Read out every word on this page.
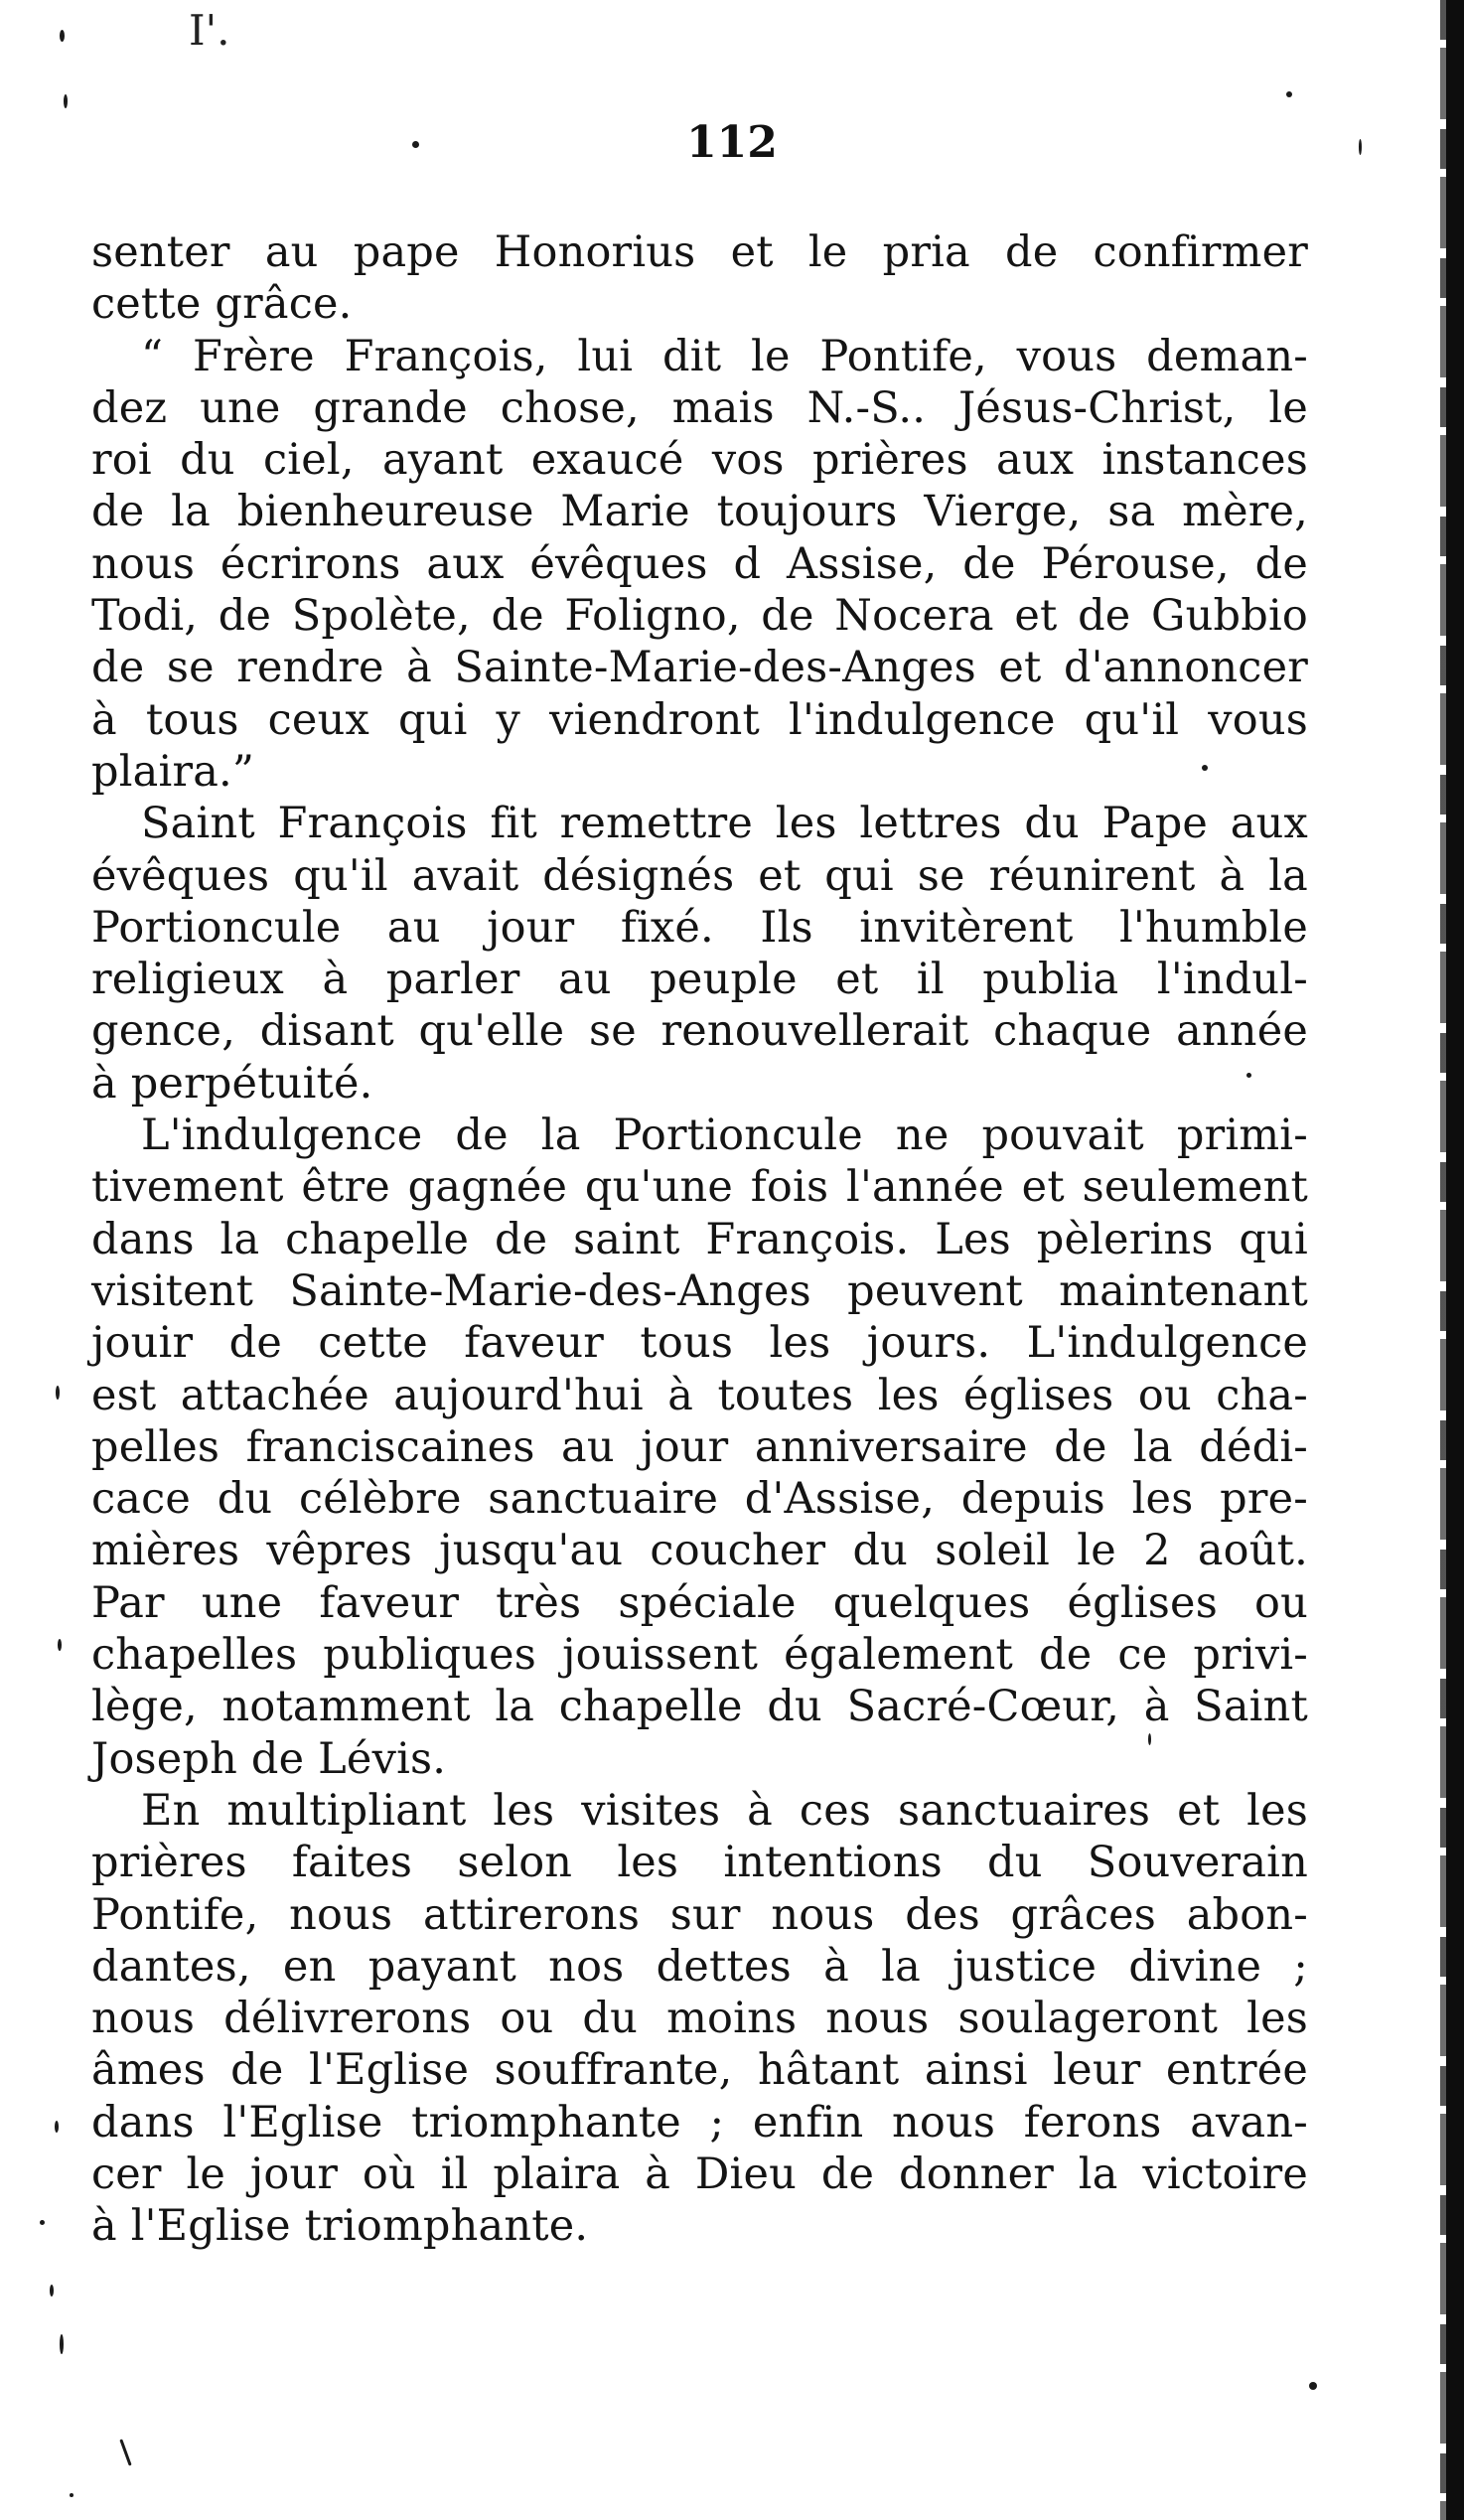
I'.
112
senter au pape Honorius et le pria de confirmer
cette grâce.
“ Frère François, lui dit le Pontife, vous deman-
dez une grande chose, mais N.-S.. Jésus-Christ, le
roi du ciel, ayant exaucé vos prières aux instances
de la bienheureuse Marie toujours Vierge, sa mère,
nous écrirons aux évêques d Assise, de Pérouse, de
Todi, de Spolète, de Foligno, de Nocera et de Gubbio
de se rendre à Sainte-Marie-des-Anges et d'annoncer
à tous ceux qui y viendront l'indulgence qu'il vous
plaira.”
Saint François fit remettre les lettres du Pape aux
évêques qu'il avait désignés et qui se réunirent à la
Portioncule au jour fixé. Ils invitèrent l'humble
religieux à parler au peuple et il publia l'indul-
gence, disant qu'elle se renouvellerait chaque année
à perpétuité.
L'indulgence de la Portioncule ne pouvait primi-
tivement être gagnée qu'une fois l'année et seulement
dans la chapelle de saint François. Les pèlerins qui
visitent Sainte-Marie-des-Anges peuvent maintenant
jouir de cette faveur tous les jours. L'indulgence
est attachée aujourd'hui à toutes les églises ou cha-
pelles franciscaines au jour anniversaire de la dédi-
cace du célèbre sanctuaire d'Assise, depuis les pre-
mières vêpres jusqu'au coucher du soleil le 2 août.
Par une faveur très spéciale quelques églises ou
chapelles publiques jouissent également de ce privi-
lège, notamment la chapelle du Sacré-Cœur, à Saint
Joseph de Lévis.
En multipliant les visites à ces sanctuaires et les
prières faites selon les intentions du Souverain
Pontife, nous attirerons sur nous des grâces abon-
dantes, en payant nos dettes à la justice divine ;
nous délivrerons ou du moins nous soulageront les
âmes de l'Eglise souffrante, hâtant ainsi leur entrée
dans l'Eglise triomphante ; enfin nous ferons avan-
cer le jour où il plaira à Dieu de donner la victoire
à l'Eglise triomphante.
